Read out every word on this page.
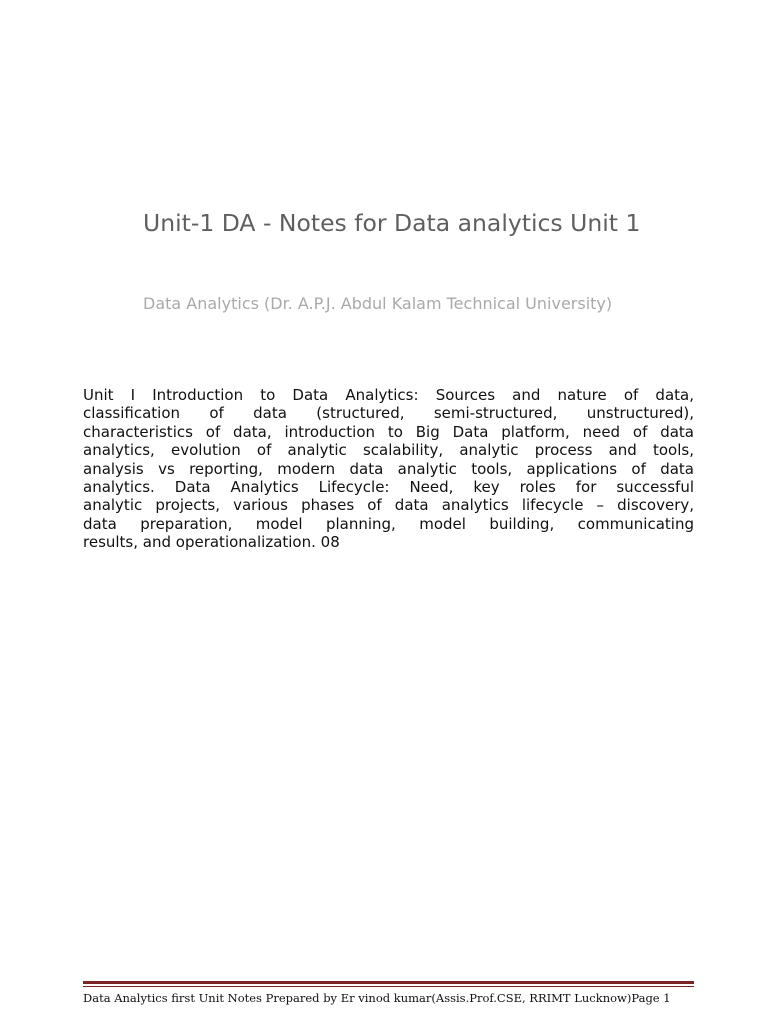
Unit-1 DA - Notes for Data analytics Unit 1

Data Analytics (Dr. A.P.J. Abdul Kalam Technical University)

Unit I Introduction to Data Analytics: Sources and nature of data,
classification of data (structured, semi-structured, unstructured),
characteristics of data, introduction to Big Data platform, need of data
analytics, evolution of analytic scalability, analytic process and tools,
analysis vs reporting, modern data analytic tools, applications of data
analytics. Data Analytics Lifecycle: Need, key roles for successful
analytic projects, various phases of data analytics lifecycle – discovery,
data preparation, model planning, model building, communicating
results, and operationalization. 08

Data Analytics first Unit Notes Prepared by Er vinod kumar(Assis.Prof.CSE, RRIMT Lucknow)Page 1
